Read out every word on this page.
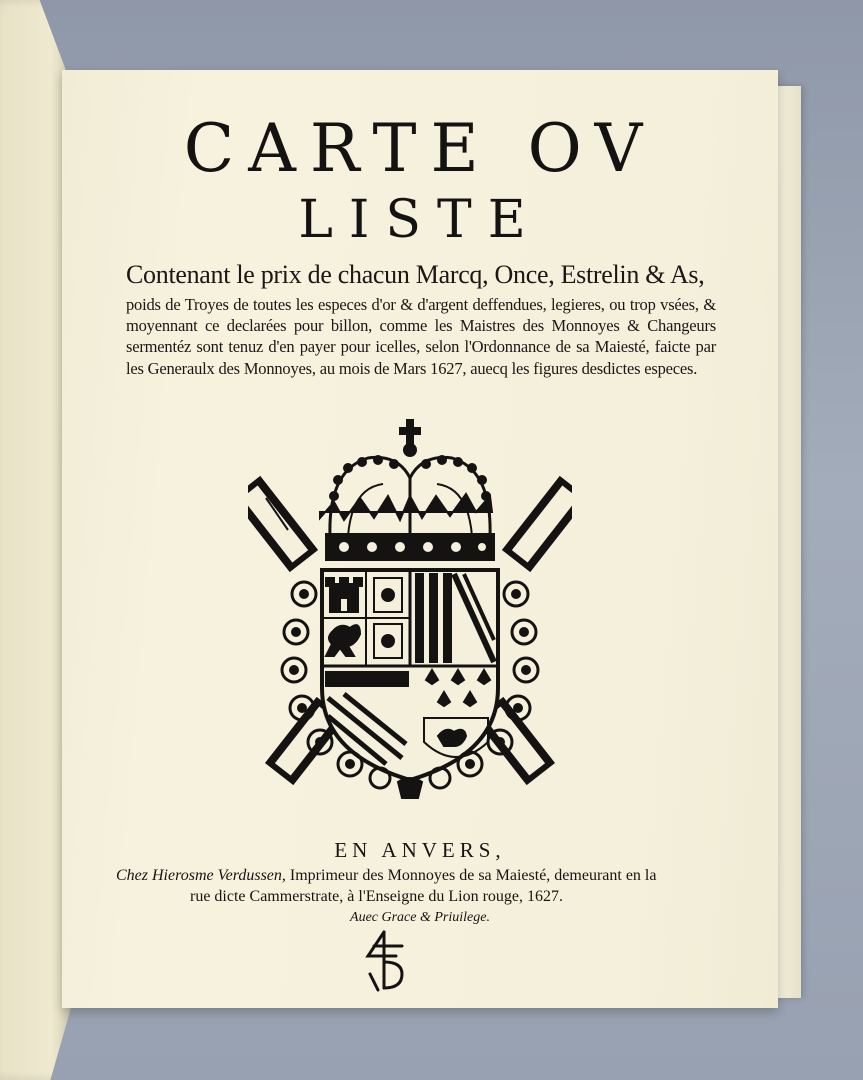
CARTE OV
LISTE

Contenant le prix de chacun Marcq, Once, Estrelin & As,

poids de Troyes de toutes les especes d'or & d'argent deffendues, legieres, ou trop vsées, & moyennant ce declarées pour billon, comme les Maistres des Monnoyes & Changeurs sermentéz sont tenuz d'en payer pour icelles, selon l'Ordonnance de sa Maiesté, faicte par les Generaulx des Monnoyes, au mois de Mars 1627, auecq les figures desdictes especes.
EN ANVERS,
Chez Hierosme Verdussen, Imprimeur des Monnoyes de sa Maiesté, demeurant en la
rue dicte Cammerstrate, à l'Enseigne du Lion rouge, 1627.
Auec Grace & Priuilege.
